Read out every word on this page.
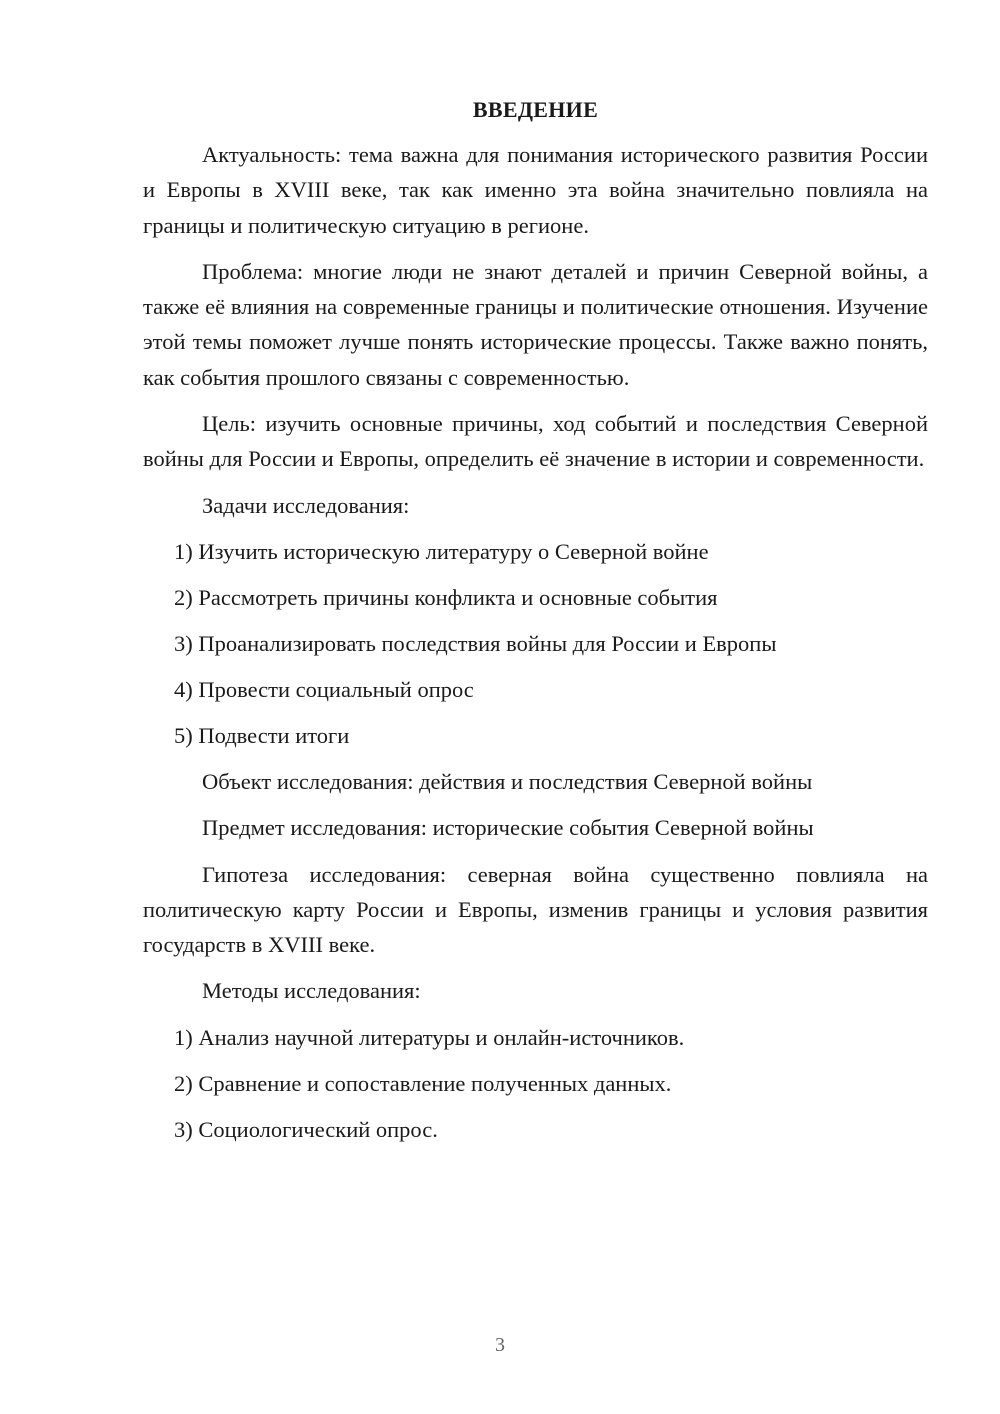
ВВЕДЕНИЕ

Актуальность: тема важна для понимания исторического развития России и Европы в XVIII веке, так как именно эта война значительно повлияла на границы и политическую ситуацию в регионе.

Проблема: многие люди не знают деталей и причин Северной войны, а также её влияния на современные границы и политические отношения. Изучение этой темы поможет лучше понять исторические процессы. Также важно понять, как события прошлого связаны с современностью.

Цель: изучить основные причины, ход событий и последствия Северной войны для России и Европы, определить её значение в истории и современности.

Задачи исследования:

1) Изучить историческую литературу о Северной войне
2) Рассмотреть причины конфликта и основные события
3) Проанализировать последствия войны для России и Европы
4) Провести социальный опрос
5) Подвести итоги

Объект исследования: действия и последствия Северной войны

Предмет исследования: исторические события Северной войны

Гипотеза исследования: северная война существенно повлияла на политическую карту России и Европы, изменив границы и условия развития государств в XVIII веке.

Методы исследования:

1) Анализ научной литературы и онлайн-источников.
2) Сравнение и сопоставление полученных данных.
3) Социологический опрос.
3
